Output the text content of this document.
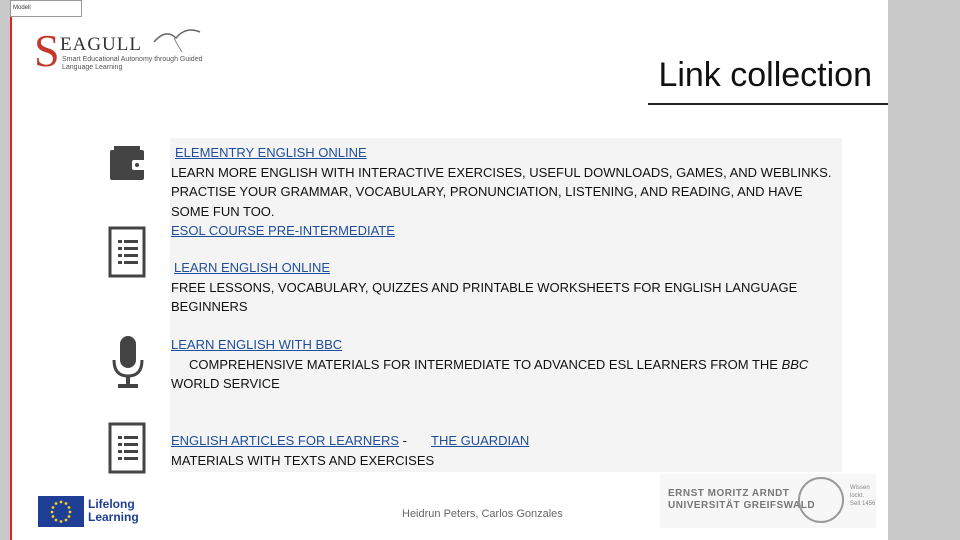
Modell
S EAGULL
Smart Educational Autonomy through Guided Language Learning	Link collection
ELEMENTRY ENGLISH ONLINE
LEARN MORE ENGLISH WITH INTERACTIVE EXERCISES, USEFUL DOWNLOADS, GAMES, AND WEBLINKS. PRACTISE YOUR GRAMMAR, VOCABULARY, PRONUNCIATION, LISTENING, AND READING, AND HAVE SOME FUN TOO.
ESOL COURSE PRE-INTERMEDIATE
LEARN ENGLISH ONLINE
FREE LESSONS, VOCABULARY, QUIZZES AND PRINTABLE WORKSHEETS FOR ENGLISH LANGUAGE BEGINNERS
LEARN ENGLISH WITH BBC
COMPREHENSIVE MATERIALS FOR INTERMEDIATE TO ADVANCED ESL LEARNERS FROM THE BBC
WORLD SERVICE
ENGLISH ARTICLES FOR LEARNERS - THE GUARDIAN
MATERIALS WITH TEXTS AND EXERCISES
Lifelong
Learning	Heidrun Peters, Carlos Gonzales
ERNST MORITZ ARNDT
UNIVERSITÄT GREIFSWALD
Wissen
lockt.
Seit 1456
